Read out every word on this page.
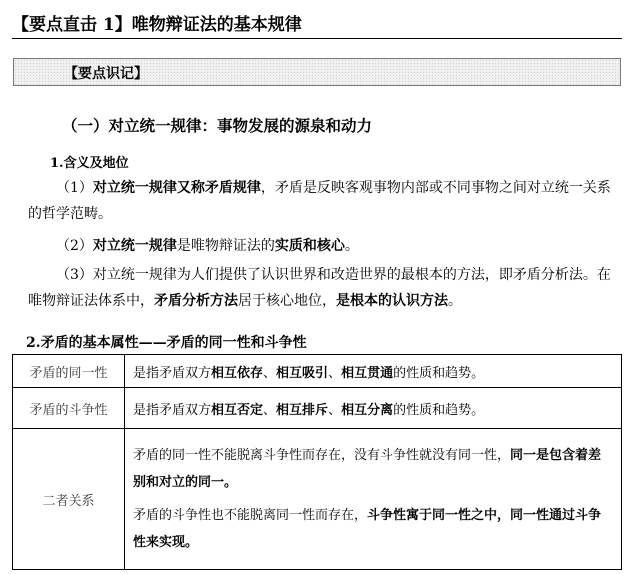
【要点直击 1】唯物辩证法的基本规律
【要点识记】
（一）对立统一规律：事物发展的源泉和动力
1.含义及地位
（1）对立统一规律又称矛盾规律，矛盾是反映客观事物内部或不同事物之间对立统一关系的哲学范畴。
（2）对立统一规律是唯物辩证法的实质和核心。
（3）对立统一规律为人们提供了认识世界和改造世界的最根本的方法，即矛盾分析法。在唯物辩证法体系中，矛盾分析方法居于核心地位，是根本的认识方法。
2.矛盾的基本属性——矛盾的同一性和斗争性
矛盾的同一性	是指矛盾双方相互依存、相互吸引、相互贯通的性质和趋势。
矛盾的斗争性	是指矛盾双方相互否定、相互排斥、相互分离的性质和趋势。
二者关系	矛盾的同一性不能脱离斗争性而存在，没有斗争性就没有同一性，同一是包含着差别和对立的同一。

矛盾的斗争性也不能脱离同一性而存在，斗争性寓于同一性之中，同一性通过斗争性来实现。
